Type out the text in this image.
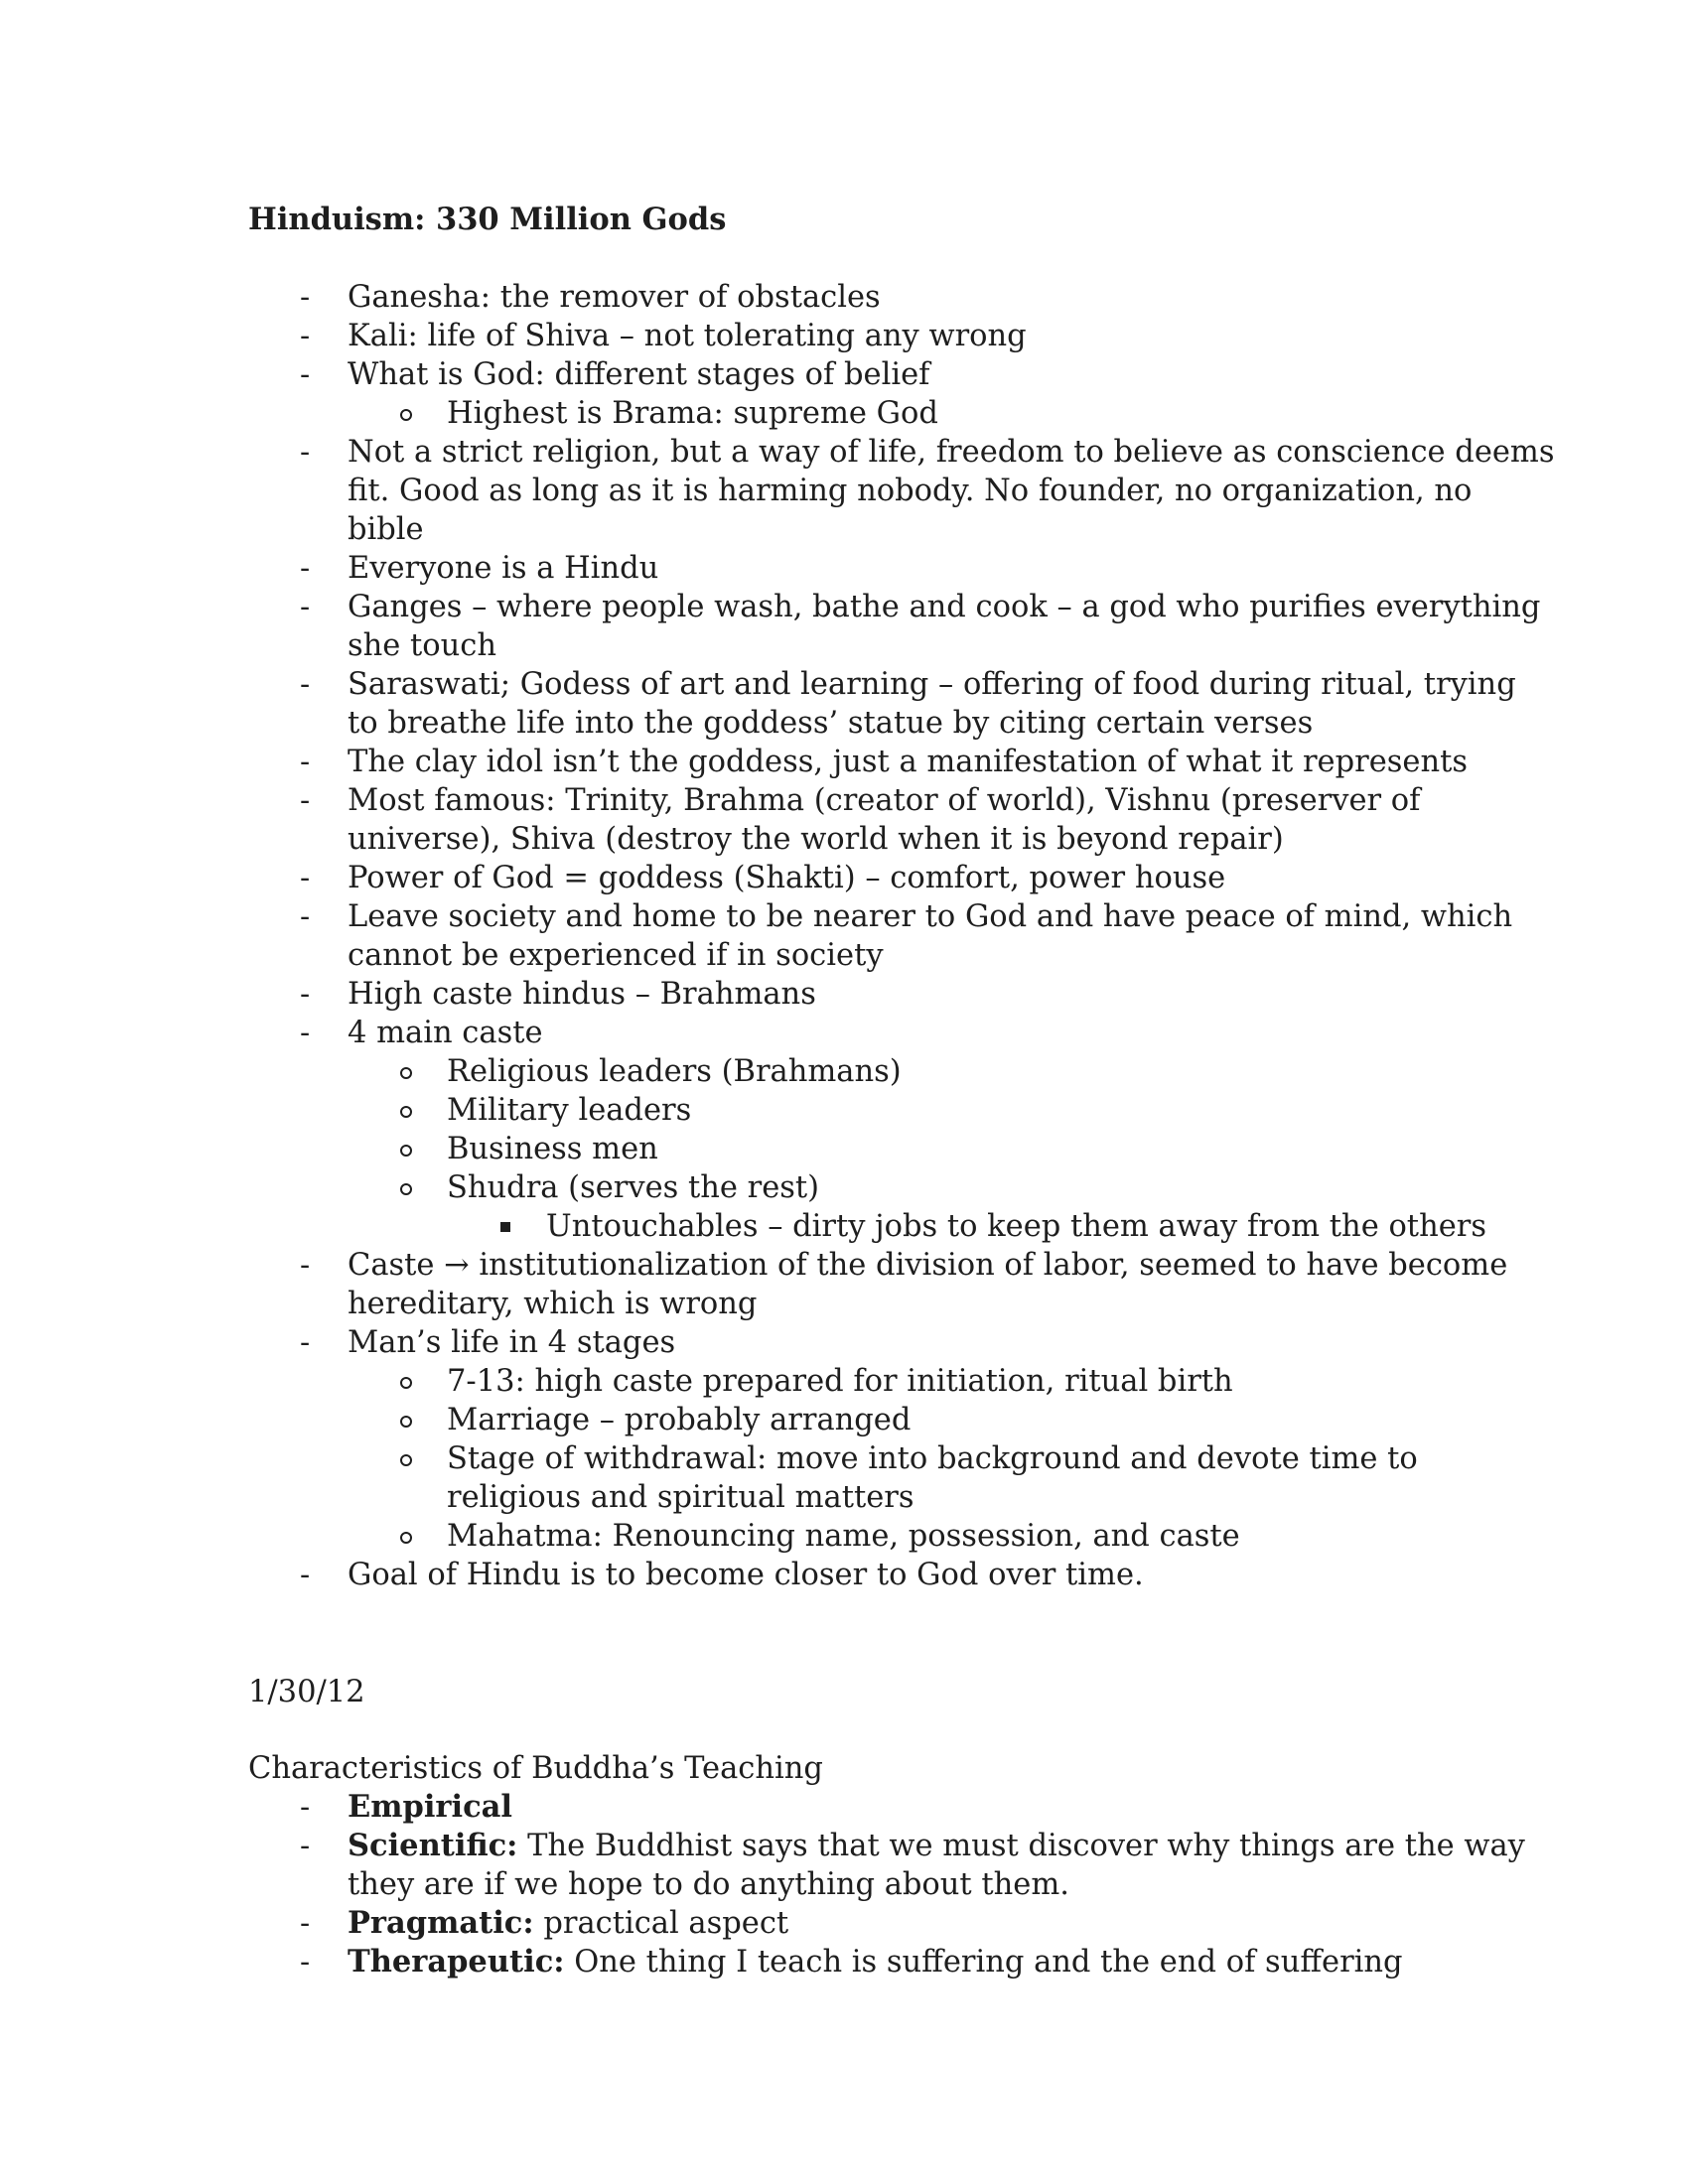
Hinduism: 330 Million Gods
- Ganesha: the remover of obstacles
- Kali: life of Shiva – not tolerating any wrong
- What is God: different stages of belief
Highest is Brama: supreme God
- Not a strict religion, but a way of life, freedom to believe as conscience deems
fit. Good as long as it is harming nobody. No founder, no organization, no
bible
- Everyone is a Hindu
- Ganges – where people wash, bathe and cook – a god who purifies everything
she touch
- Saraswati; Godess of art and learning – offering of food during ritual, trying
to breathe life into the goddess’ statue by citing certain verses
- The clay idol isn’t the goddess, just a manifestation of what it represents
- Most famous: Trinity, Brahma (creator of world), Vishnu (preserver of
universe), Shiva (destroy the world when it is beyond repair)
- Power of God = goddess (Shakti) – comfort, power house
- Leave society and home to be nearer to God and have peace of mind, which
cannot be experienced if in society
- High caste hindus – Brahmans
- 4 main caste
Religious leaders (Brahmans)
Military leaders
Business men
Shudra (serves the rest)
Untouchables – dirty jobs to keep them away from the others
- Caste → institutionalization of the division of labor, seemed to have become
hereditary, which is wrong
- Man’s life in 4 stages
7-13: high caste prepared for initiation, ritual birth
Marriage – probably arranged
Stage of withdrawal: move into background and devote time to
religious and spiritual matters
Mahatma: Renouncing name, possession, and caste
- Goal of Hindu is to become closer to God over time.
1/30/12
Characteristics of Buddha’s Teaching
- Empirical
- Scientific: The Buddhist says that we must discover why things are the way
they are if we hope to do anything about them.
- Pragmatic: practical aspect
- Therapeutic: One thing I teach is suffering and the end of suffering
